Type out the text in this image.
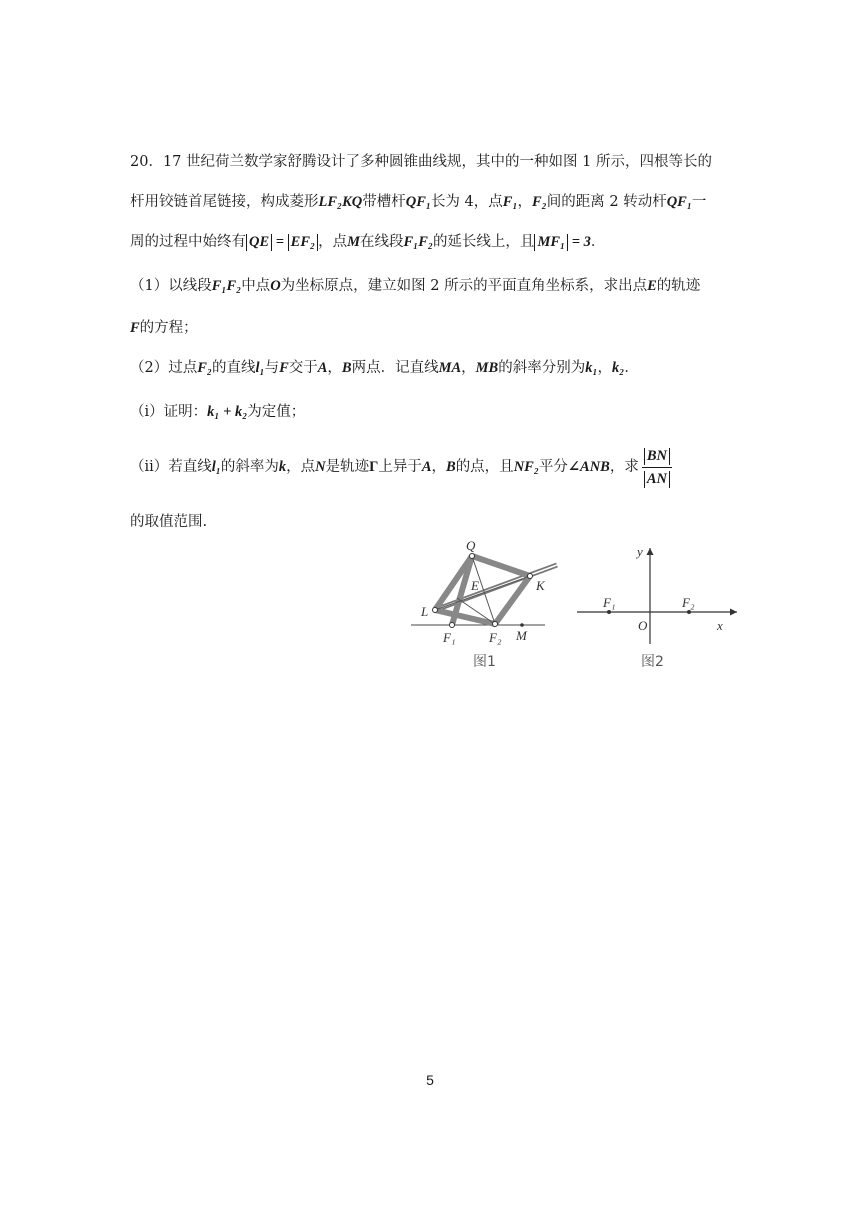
20．17 世纪荷兰数学家舒腾设计了多种圆锥曲线规，其中的一种如图 1 所示，四根等长的
杆用铰链首尾链接，构成菱形LF₂KQ带槽杆QF₁长为 4，点F₁，F₂间的距离 2 转动杆QF₁一
周的过程中始终有 QE = EF₂ ，点M在线段F₁F₂的延长线上，且 MF₁ = 3．
（1）以线段F₁F₂中点O为坐标原点，建立如图 2 所示的平面直角坐标系，求出点E的轨迹
F的方程；
（2）过点F₂的直线l₁与F交于A，B两点．记直线MA，MB的斜率分别为k₁，k₂．
（i）证明：k₁ + k₂为定值；
（ii）若直线l₁的斜率为k，点N是轨迹Γ上异于A，B的点，且NF₂平分∠ANB，求 $\frac{BN}{AN}$
的取值范围.
Q
E	K
L
F₁	F₂ M
图1
y
x
O
F₁	F₂
图2
5
